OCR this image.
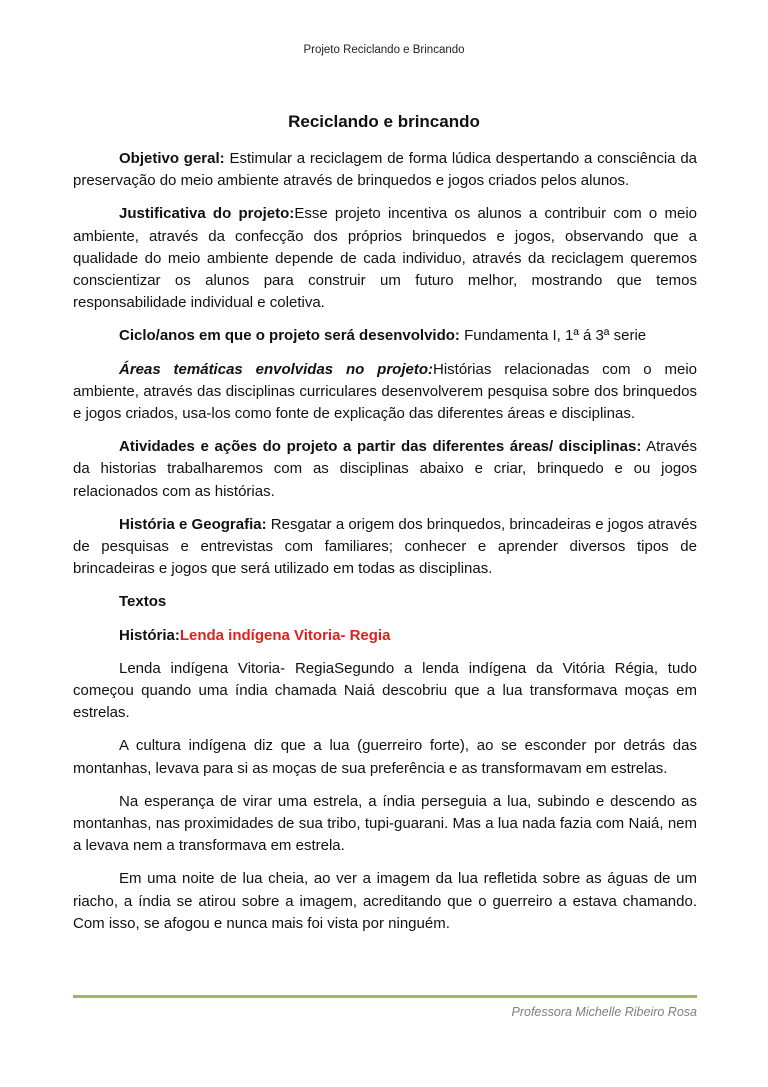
Projeto Reciclando e Brincando
Reciclando e brincando

Objetivo geral: Estimular a reciclagem de forma lúdica despertando a consciência da preservação do meio ambiente através de brinquedos e jogos criados pelos alunos.

Justificativa do projeto:Esse projeto incentiva os alunos a contribuir com o meio ambiente, através da confecção dos próprios brinquedos e jogos, observando que a qualidade do meio ambiente depende de cada individuo, através da reciclagem queremos conscientizar os alunos para construir um futuro melhor, mostrando que temos responsabilidade individual e coletiva.

Ciclo/anos em que o projeto será desenvolvido: Fundamenta I, 1ª á 3ª serie

Áreas temáticas envolvidas no projeto:Histórias relacionadas com o meio ambiente, através das disciplinas curriculares desenvolverem pesquisa sobre dos brinquedos e jogos criados, usa-los como fonte de explicação das diferentes áreas e disciplinas.

Atividades e ações do projeto a partir das diferentes áreas/ disciplinas: Através da historias trabalharemos com as disciplinas abaixo e criar, brinquedo e ou jogos relacionados com as histórias.

História e Geografia: Resgatar a origem dos brinquedos, brincadeiras e jogos através de pesquisas e entrevistas com familiares; conhecer e aprender diversos tipos de brincadeiras e jogos que será utilizado em todas as disciplinas.

Textos

História:Lenda indígena Vitoria- Regia

Lenda indígena Vitoria- RegiaSegundo a lenda indígena da Vitória Régia, tudo começou quando uma índia chamada Naiá descobriu que a lua transformava moças em estrelas.

A cultura indígena diz que a lua (guerreiro forte), ao se esconder por detrás das montanhas, levava para si as moças de sua preferência e as transformavam em estrelas.

Na esperança de virar uma estrela, a índia perseguia a lua, subindo e descendo as montanhas, nas proximidades de sua tribo, tupi-guarani. Mas a lua nada fazia com Naiá, nem a levava nem a transformava em estrela.

Em uma noite de lua cheia, ao ver a imagem da lua refletida sobre as águas de um riacho, a índia se atirou sobre a imagem, acreditando que o guerreiro a estava chamando. Com isso, se afogou e nunca mais foi vista por ninguém.

Professora Michelle Ribeiro Rosa
